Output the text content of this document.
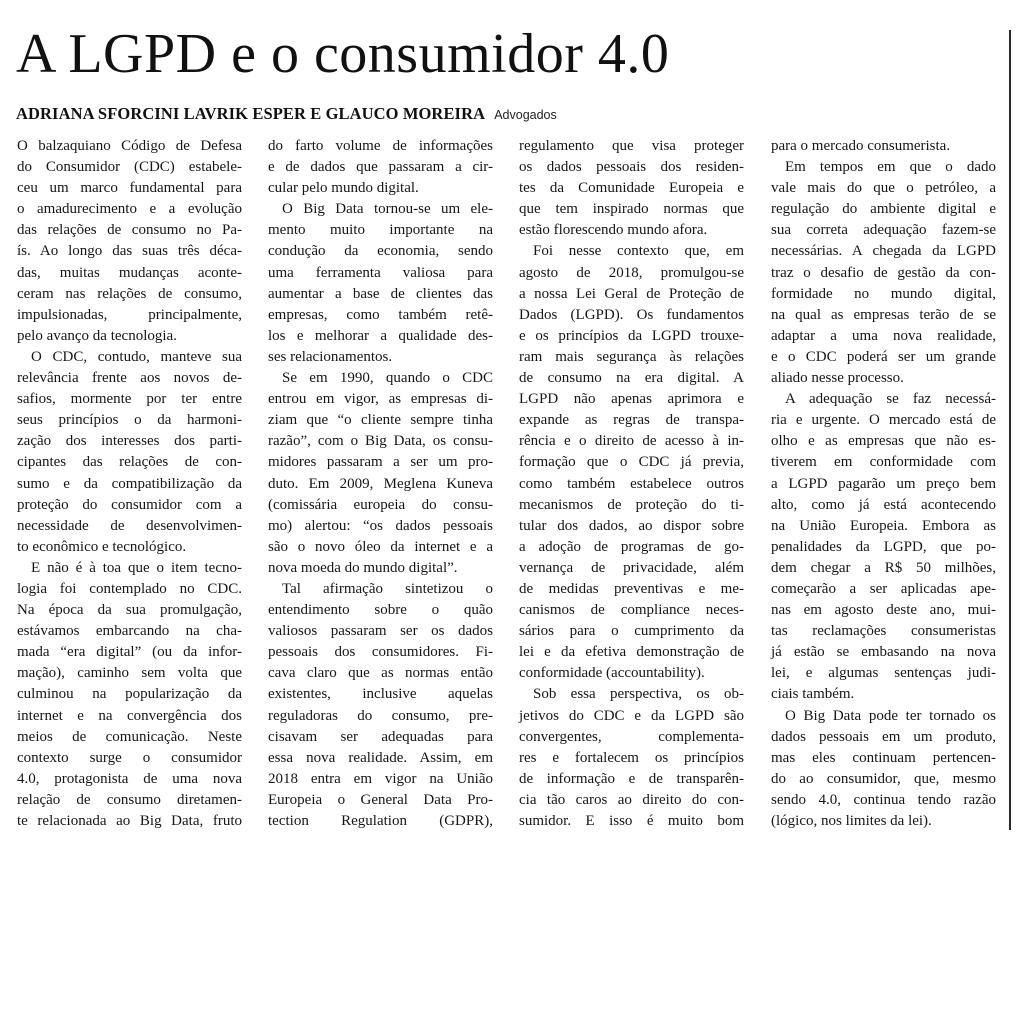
A LGPD e o consumidor 4.0
ADRIANA SFORCINI LAVRIK ESPER E GLAUCO MOREIRA Advogados

O balzaquiano Código de Defesa

do Consumidor (CDC) estabele-

ceu um marco fundamental para

o amadurecimento e a evolução

das relações de consumo no Pa-

ís. Ao longo das suas três déca-

das, muitas mudanças aconte-

ceram nas relações de consumo,

impulsionadas, principalmente,

pelo avanço da tecnologia.

O CDC, contudo, manteve sua

relevância frente aos novos de-

safios, mormente por ter entre

seus princípios o da harmoni-

zação dos interesses dos parti-

cipantes das relações de con-

sumo e da compatibilização da

proteção do consumidor com a

necessidade de desenvolvimen-

to econômico e tecnológico.

E não é à toa que o item tecno-

logia foi contemplado no CDC.

Na época da sua promulgação,

estávamos embarcando na cha-

mada “era digital” (ou da infor-

mação), caminho sem volta que

culminou na popularização da

internet e na convergência dos

meios de comunicação. Neste

contexto surge o consumidor

4.0, protagonista de uma nova

relação de consumo diretamen-

te relacionada ao Big Data, fruto

do farto volume de informações

e de dados que passaram a cir-

cular pelo mundo digital.

O Big Data tornou-se um ele-

mento muito importante na

condução da economia, sendo

uma ferramenta valiosa para

aumentar a base de clientes das

empresas, como também retê-

los e melhorar a qualidade des-

ses relacionamentos.

Se em 1990, quando o CDC

entrou em vigor, as empresas di-

ziam que “o cliente sempre tinha

razão”, com o Big Data, os consu-

midores passaram a ser um pro-

duto. Em 2009, Meglena Kuneva

(comissária europeia do consu-

mo) alertou: “os dados pessoais

são o novo óleo da internet e a

nova moeda do mundo digital”.

Tal afirmação sintetizou o

entendimento sobre o quão

valiosos passaram ser os dados

pessoais dos consumidores. Fi-

cava claro que as normas então

existentes, inclusive aquelas

reguladoras do consumo, pre-

cisavam ser adequadas para

essa nova realidade. Assim, em

2018 entra em vigor na União

Europeia o General Data Pro-

tection Regulation (GDPR),

regulamento que visa proteger

os dados pessoais dos residen-

tes da Comunidade Europeia e

que tem inspirado normas que

estão florescendo mundo afora.

Foi nesse contexto que, em

agosto de 2018, promulgou-se

a nossa Lei Geral de Proteção de

Dados (LGPD). Os fundamentos

e os princípios da LGPD trouxe-

ram mais segurança às relações

de consumo na era digital. A

LGPD não apenas aprimora e

expande as regras de transpa-

rência e o direito de acesso à in-

formação que o CDC já previa,

como também estabelece outros

mecanismos de proteção do ti-

tular dos dados, ao dispor sobre

a adoção de programas de go-

vernança de privacidade, além

de medidas preventivas e me-

canismos de compliance neces-

sários para o cumprimento da

lei e da efetiva demonstração de

conformidade (accountability).

Sob essa perspectiva, os ob-

jetivos do CDC e da LGPD são

convergentes, complementa-

res e fortalecem os princípios

de informação e de transparên-

cia tão caros ao direito do con-

sumidor. E isso é muito bom

para o mercado consumerista.

Em tempos em que o dado

vale mais do que o petróleo, a

regulação do ambiente digital e

sua correta adequação fazem-se

necessárias. A chegada da LGPD

traz o desafio de gestão da con-

formidade no mundo digital,

na qual as empresas terão de se

adaptar a uma nova realidade,

e o CDC poderá ser um grande

aliado nesse processo.

A adequação se faz necessá-

ria e urgente. O mercado está de

olho e as empresas que não es-

tiverem em conformidade com

a LGPD pagarão um preço bem

alto, como já está acontecendo

na União Europeia. Embora as

penalidades da LGPD, que po-

dem chegar a R$ 50 milhões,

começarão a ser aplicadas ape-

nas em agosto deste ano, mui-

tas reclamações consumeristas

já estão se embasando na nova

lei, e algumas sentenças judi-

ciais também.

O Big Data pode ter tornado os

dados pessoais em um produto,

mas eles continuam pertencen-

do ao consumidor, que, mesmo

sendo 4.0, continua tendo razão

(lógico, nos limites da lei).
